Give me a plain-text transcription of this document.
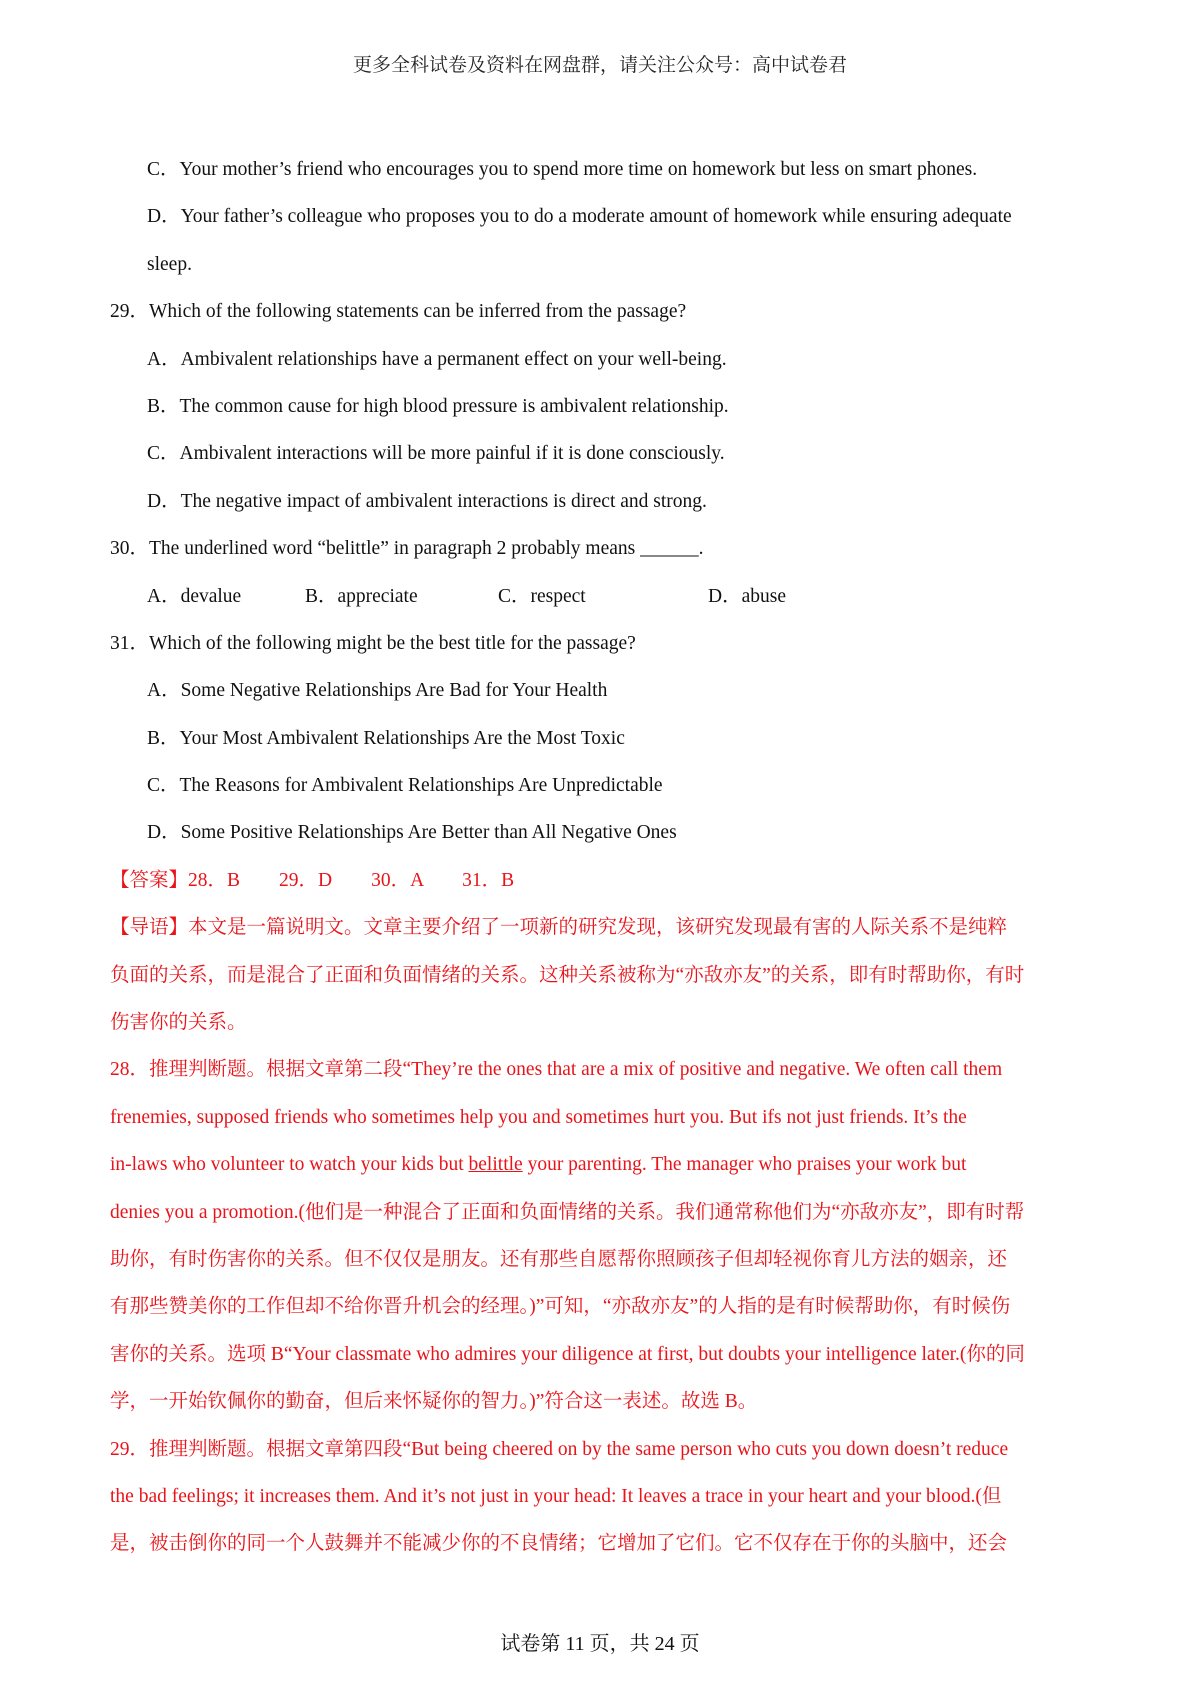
更多全科试卷及资料在网盘群，请关注公众号：高中试卷君
C．Your mother’s friend who encourages you to spend more time on homework but less on smart phones.
D．Your father’s colleague who proposes you to do a moderate amount of homework while ensuring adequate
sleep.
29．Which of the following statements can be inferred from the passage?
A．Ambivalent relationships have a permanent effect on your well-being.
B．The common cause for high blood pressure is ambivalent relationship.
C．Ambivalent interactions will be more painful if it is done consciously.
D．The negative impact of ambivalent interactions is direct and strong.
30．The underlined word “belittle” in paragraph 2 probably means ______.
A．devalue	B．appreciate	C．respect	D．abuse
31．Which of the following might be the best title for the passage?
A．Some Negative Relationships Are Bad for Your Health
B．Your Most Ambivalent Relationships Are the Most Toxic
C．The Reasons for Ambivalent Relationships Are Unpredictable
D．Some Positive Relationships Are Better than All Negative Ones
【答案】28．B　　29．D　　30．A　　31．B
【导语】本文是一篇说明文。文章主要介绍了一项新的研究发现，该研究发现最有害的人际关系不是纯粹
负面的关系，而是混合了正面和负面情绪的关系。这种关系被称为“亦敌亦友”的关系，即有时帮助你，有时
伤害你的关系。
28．推理判断题。根据文章第二段“They’re the ones that are a mix of positive and negative. We often call them
frenemies, supposed friends who sometimes help you and sometimes hurt you. But ifs not just friends. It’s the
in-laws who volunteer to watch your kids but belittle your parenting. The manager who praises your work but
denies you a promotion.(他们是一种混合了正面和负面情绪的关系。我们通常称他们为“亦敌亦友”，即有时帮
助你，有时伤害你的关系。但不仅仅是朋友。还有那些自愿帮你照顾孩子但却轻视你育儿方法的姻亲，还
有那些赞美你的工作但却不给你晋升机会的经理。)”可知，“亦敌亦友”的人指的是有时候帮助你，有时候伤
害你的关系。选项 B“Your classmate who admires your diligence at first, but doubts your intelligence later.(你的同
学，一开始钦佩你的勤奋，但后来怀疑你的智力。)”符合这一表述。故选 B。
29．推理判断题。根据文章第四段“But being cheered on by the same person who cuts you down doesn’t reduce
the bad feelings; it increases them. And it’s not just in your head: It leaves a trace in your heart and your blood.(但
是，被击倒你的同一个人鼓舞并不能减少你的不良情绪；它增加了它们。它不仅存在于你的头脑中，还会
试卷第 11 页，共 24 页
